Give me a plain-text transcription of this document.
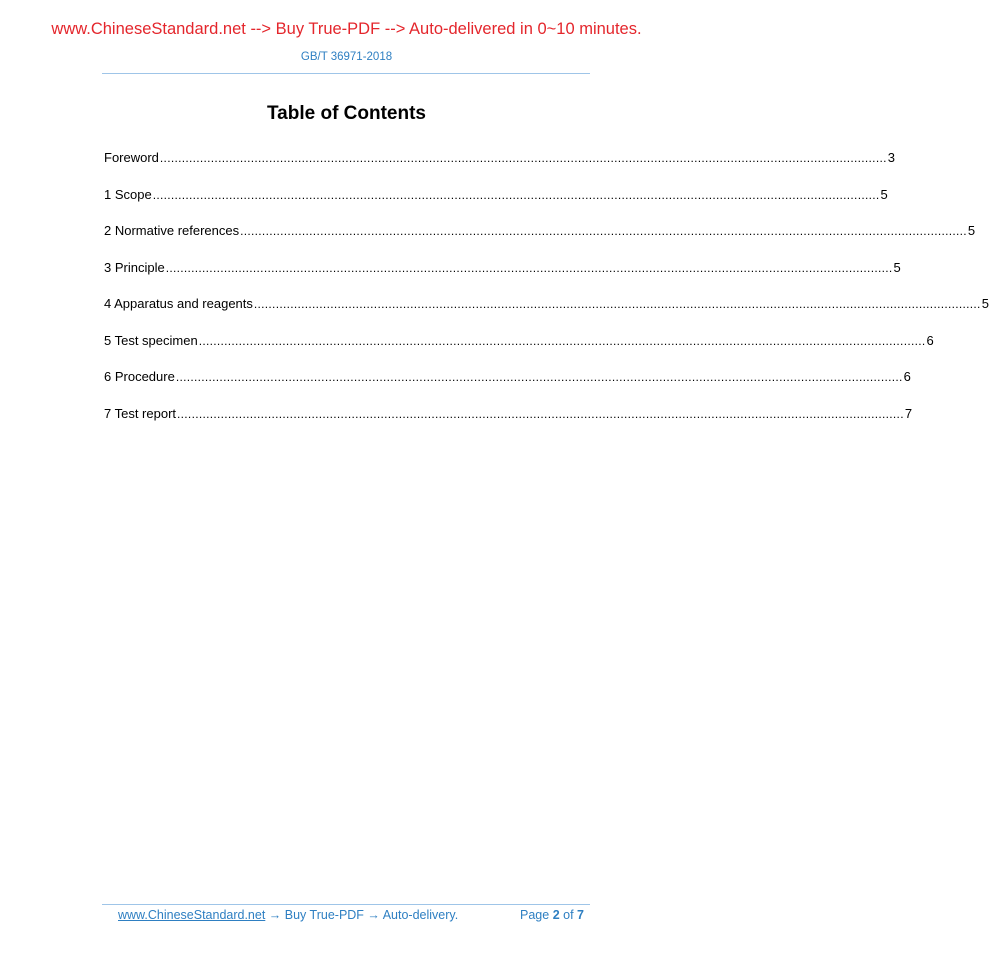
www.ChineseStandard.net --> Buy True-PDF --> Auto-delivered in 0~10 minutes.
GB/T 36971-2018
Table of Contents
Foreword ........................................................................................................................................................................................................ 3
1 Scope ........................................................................................................................................................................................................ 5
2 Normative references ........................................................................................................................................................................................................ 5
3 Principle ........................................................................................................................................................................................................ 5
4 Apparatus and reagents ........................................................................................................................................................................................................ 5
5 Test specimen ........................................................................................................................................................................................................ 6
6 Procedure ........................................................................................................................................................................................................ 6
7 Test report ........................................................................................................................................................................................................ 7
www.ChineseStandard.net → Buy True-PDF → Auto-delivery.	Page 2 of 7
